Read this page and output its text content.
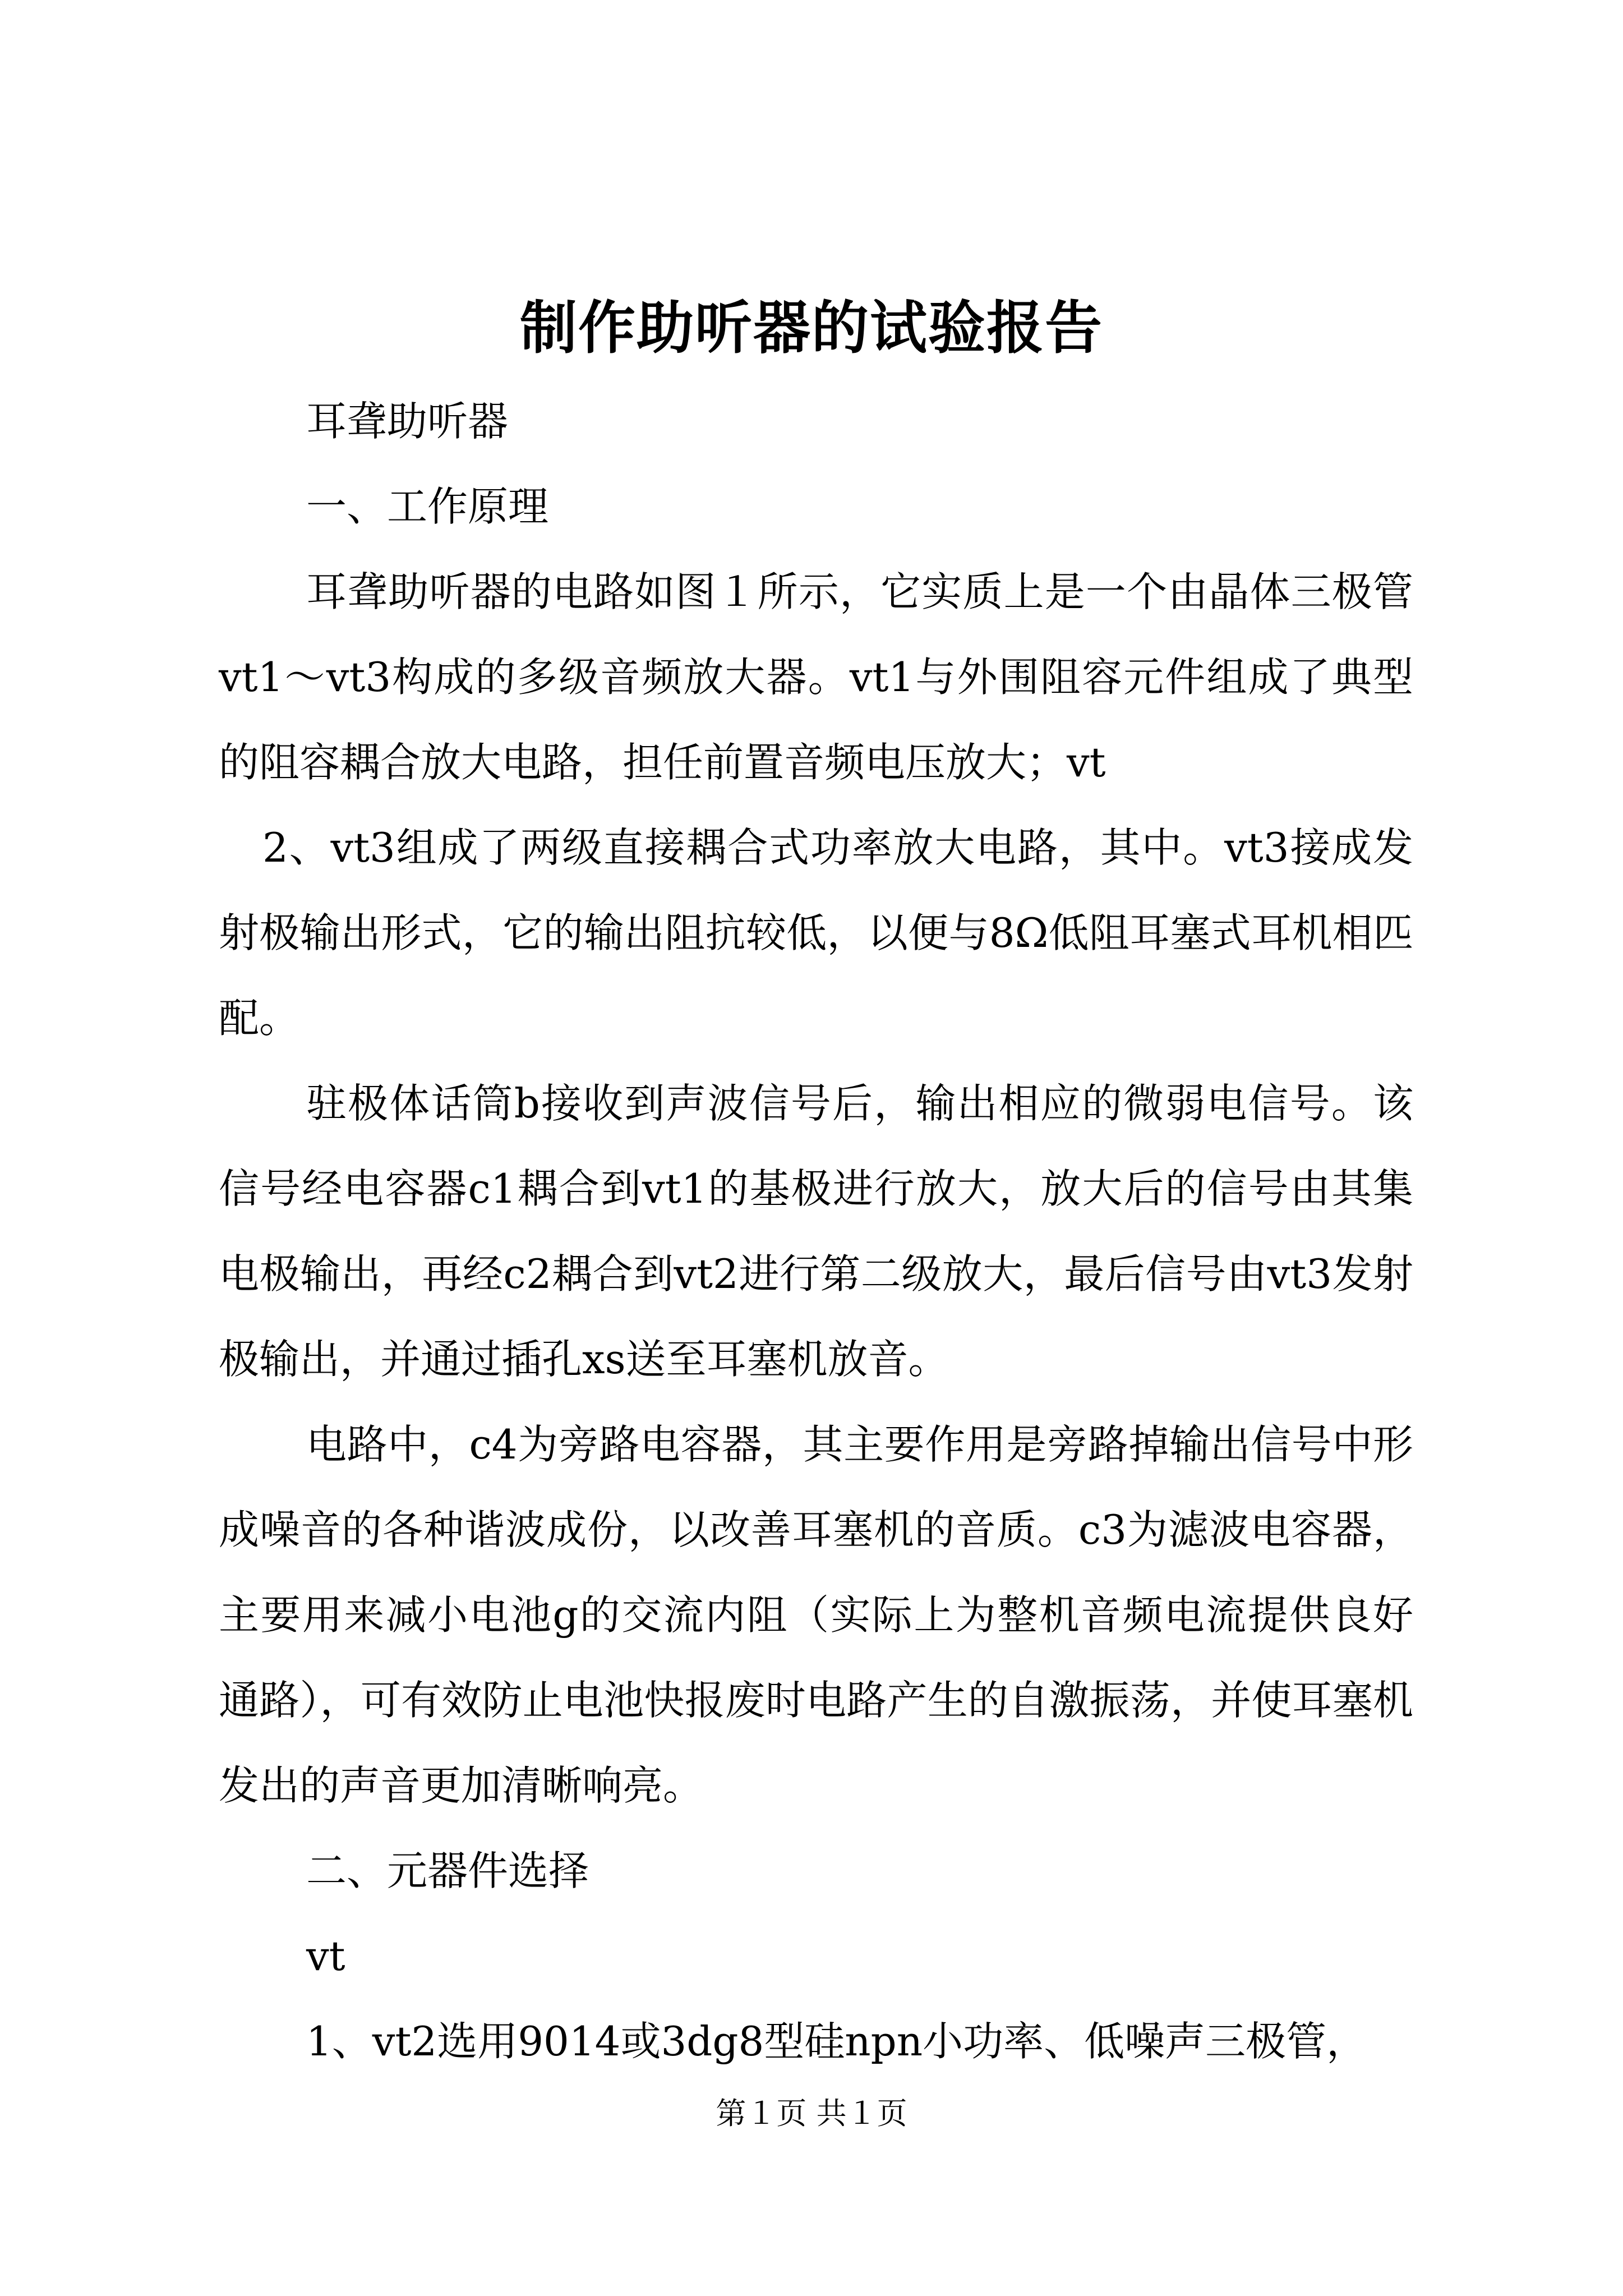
制作助听器的试验报告

耳聋助听器

一、工作原理

耳聋助听器的电路如图１所示，它实质上是一个由晶体三极管vt1～vt3构成的多级音频放大器。vt1与外围阻容元件组成了典型的阻容耦合放大电路，担任前置音频电压放大；vt

2、vt3组成了两级直接耦合式功率放大电路，其中。vt3接成发射极输出形式，它的输出阻抗较低，以便与8Ω低阻耳塞式耳机相匹配。

驻极体话筒b接收到声波信号后，输出相应的微弱电信号。该信号经电容器c1耦合到vt1的基极进行放大，放大后的信号由其集电极输出，再经c2耦合到vt2进行第二级放大，最后信号由vt3发射极输出，并通过插孔xs送至耳塞机放音。

电路中，c4为旁路电容器，其主要作用是旁路掉输出信号中形成噪音的各种谐波成份，以改善耳塞机的音质。c3为滤波电容器，主要用来减小电池g的交流内阻（实际上为整机音频电流提供良好通路），可有效防止电池快报废时电路产生的自激振荡，并使耳塞机发出的声音更加清晰响亮。

二、元器件选择

vt

1、vt2选用9014或3dg8型硅npn小功率、低噪声三极管，

第１页 共１页
